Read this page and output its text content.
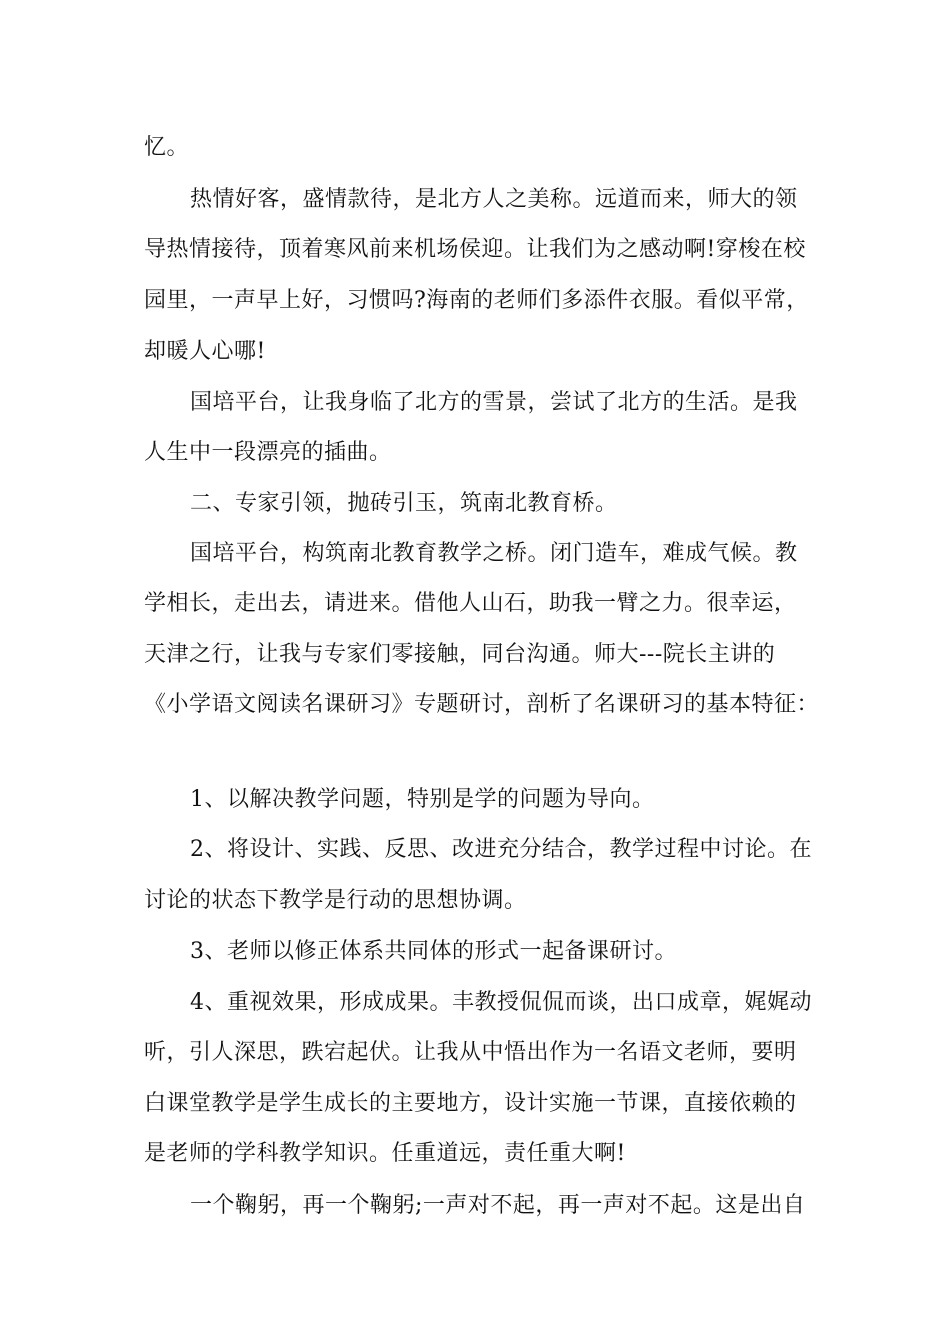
忆。
热情好客，盛情款待，是北方人之美称。远道而来，师大的领
导热情接待，顶着寒风前来机场侯迎。让我们为之感动啊!穿梭在校
园里，一声早上好，习惯吗?海南的老师们多添件衣服。看似平常，
却暖人心哪!
国培平台，让我身临了北方的雪景，尝试了北方的生活。是我
人生中一段漂亮的插曲。
二、专家引领，抛砖引玉，筑南北教育桥。
国培平台，构筑南北教育教学之桥。闭门造车，难成气候。教
学相长，走出去，请进来。借他人山石，助我一臂之力。很幸运，
天津之行，让我与专家们零接触，同台沟通。师大---院长主讲的
《小学语文阅读名课研习》专题研讨，剖析了名课研习的基本特征：
1、以解决教学问题，特别是学的问题为导向。
2、将设计、实践、反思、改进充分结合，教学过程中讨论。在
讨论的状态下教学是行动的思想协调。
3、老师以修正体系共同体的形式一起备课研讨。
4、重视效果，形成成果。丰教授侃侃而谈，出口成章，娓娓动
听，引人深思，跌宕起伏。让我从中悟出作为一名语文老师，要明
白课堂教学是学生成长的主要地方，设计实施一节课，直接依赖的
是老师的学科教学知识。任重道远，责任重大啊!
一个鞠躬，再一个鞠躬;一声对不起，再一声对不起。这是出自
